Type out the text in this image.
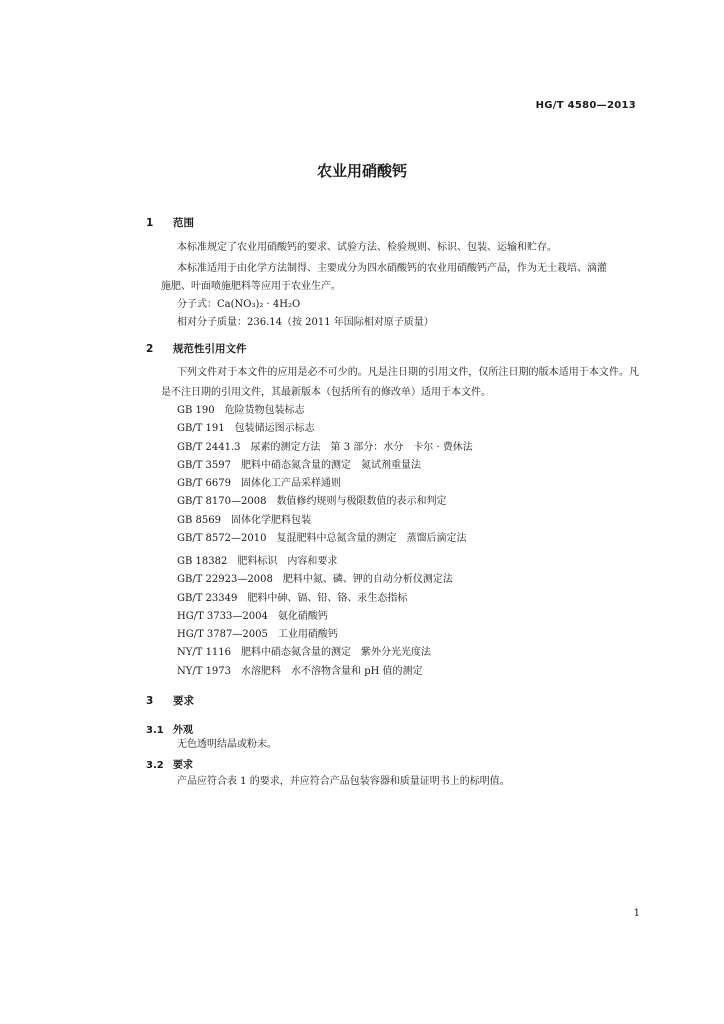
HG/T 4580—2013
农业用硝酸钙
1 范围
本标准规定了农业用硝酸钙的要求、试验方法、检验规则、标识、包装、运输和贮存。
本标准适用于由化学方法制得、主要成分为四水硝酸钙的农业用硝酸钙产品，作为无土栽培、滴灌
施肥、叶面喷施肥料等应用于农业生产。
分子式：Ca(NO₃)₂ · 4H₂O
相对分子质量：236.14（按 2011 年国际相对原子质量）
2 规范性引用文件
下列文件对于本文件的应用是必不可少的。凡是注日期的引用文件，仅所注日期的版本适用于本文件。凡是不注日期的引用文件，其最新版本（包括所有的修改单）适用于本文件。
GB 190 危险货物包装标志
GB/T 191 包装储运图示标志
GB/T 2441.3 尿素的测定方法　第 3 部分：水分　卡尔 · 费休法
GB/T 3597 肥料中硝态氮含量的测定　氮试剂重量法
GB/T 6679 固体化工产品采样通则
GB/T 8170—2008 数值修约规则与极限数值的表示和判定
GB 8569 固体化学肥料包装
GB/T 8572—2010 复混肥料中总氮含量的测定　蒸馏后滴定法
GB 18382 肥料标识　内容和要求
GB/T 22923—2008 肥料中氮、磷、钾的自动分析仪测定法
GB/T 23349 肥料中砷、镉、铅、铬、汞生态指标
HG/T 3733—2004 氨化硝酸钙
HG/T 3787—2005 工业用硝酸钙
NY/T 1116 肥料中硝态氮含量的测定　紫外分光光度法
NY/T 1973 水溶肥料　水不溶物含量和 pH 值的测定
3 要求
3.1 外观
无色透明结晶或粉末。
3.2 要求
产品应符合表 1 的要求，并应符合产品包装容器和质量证明书上的标明值。
1
